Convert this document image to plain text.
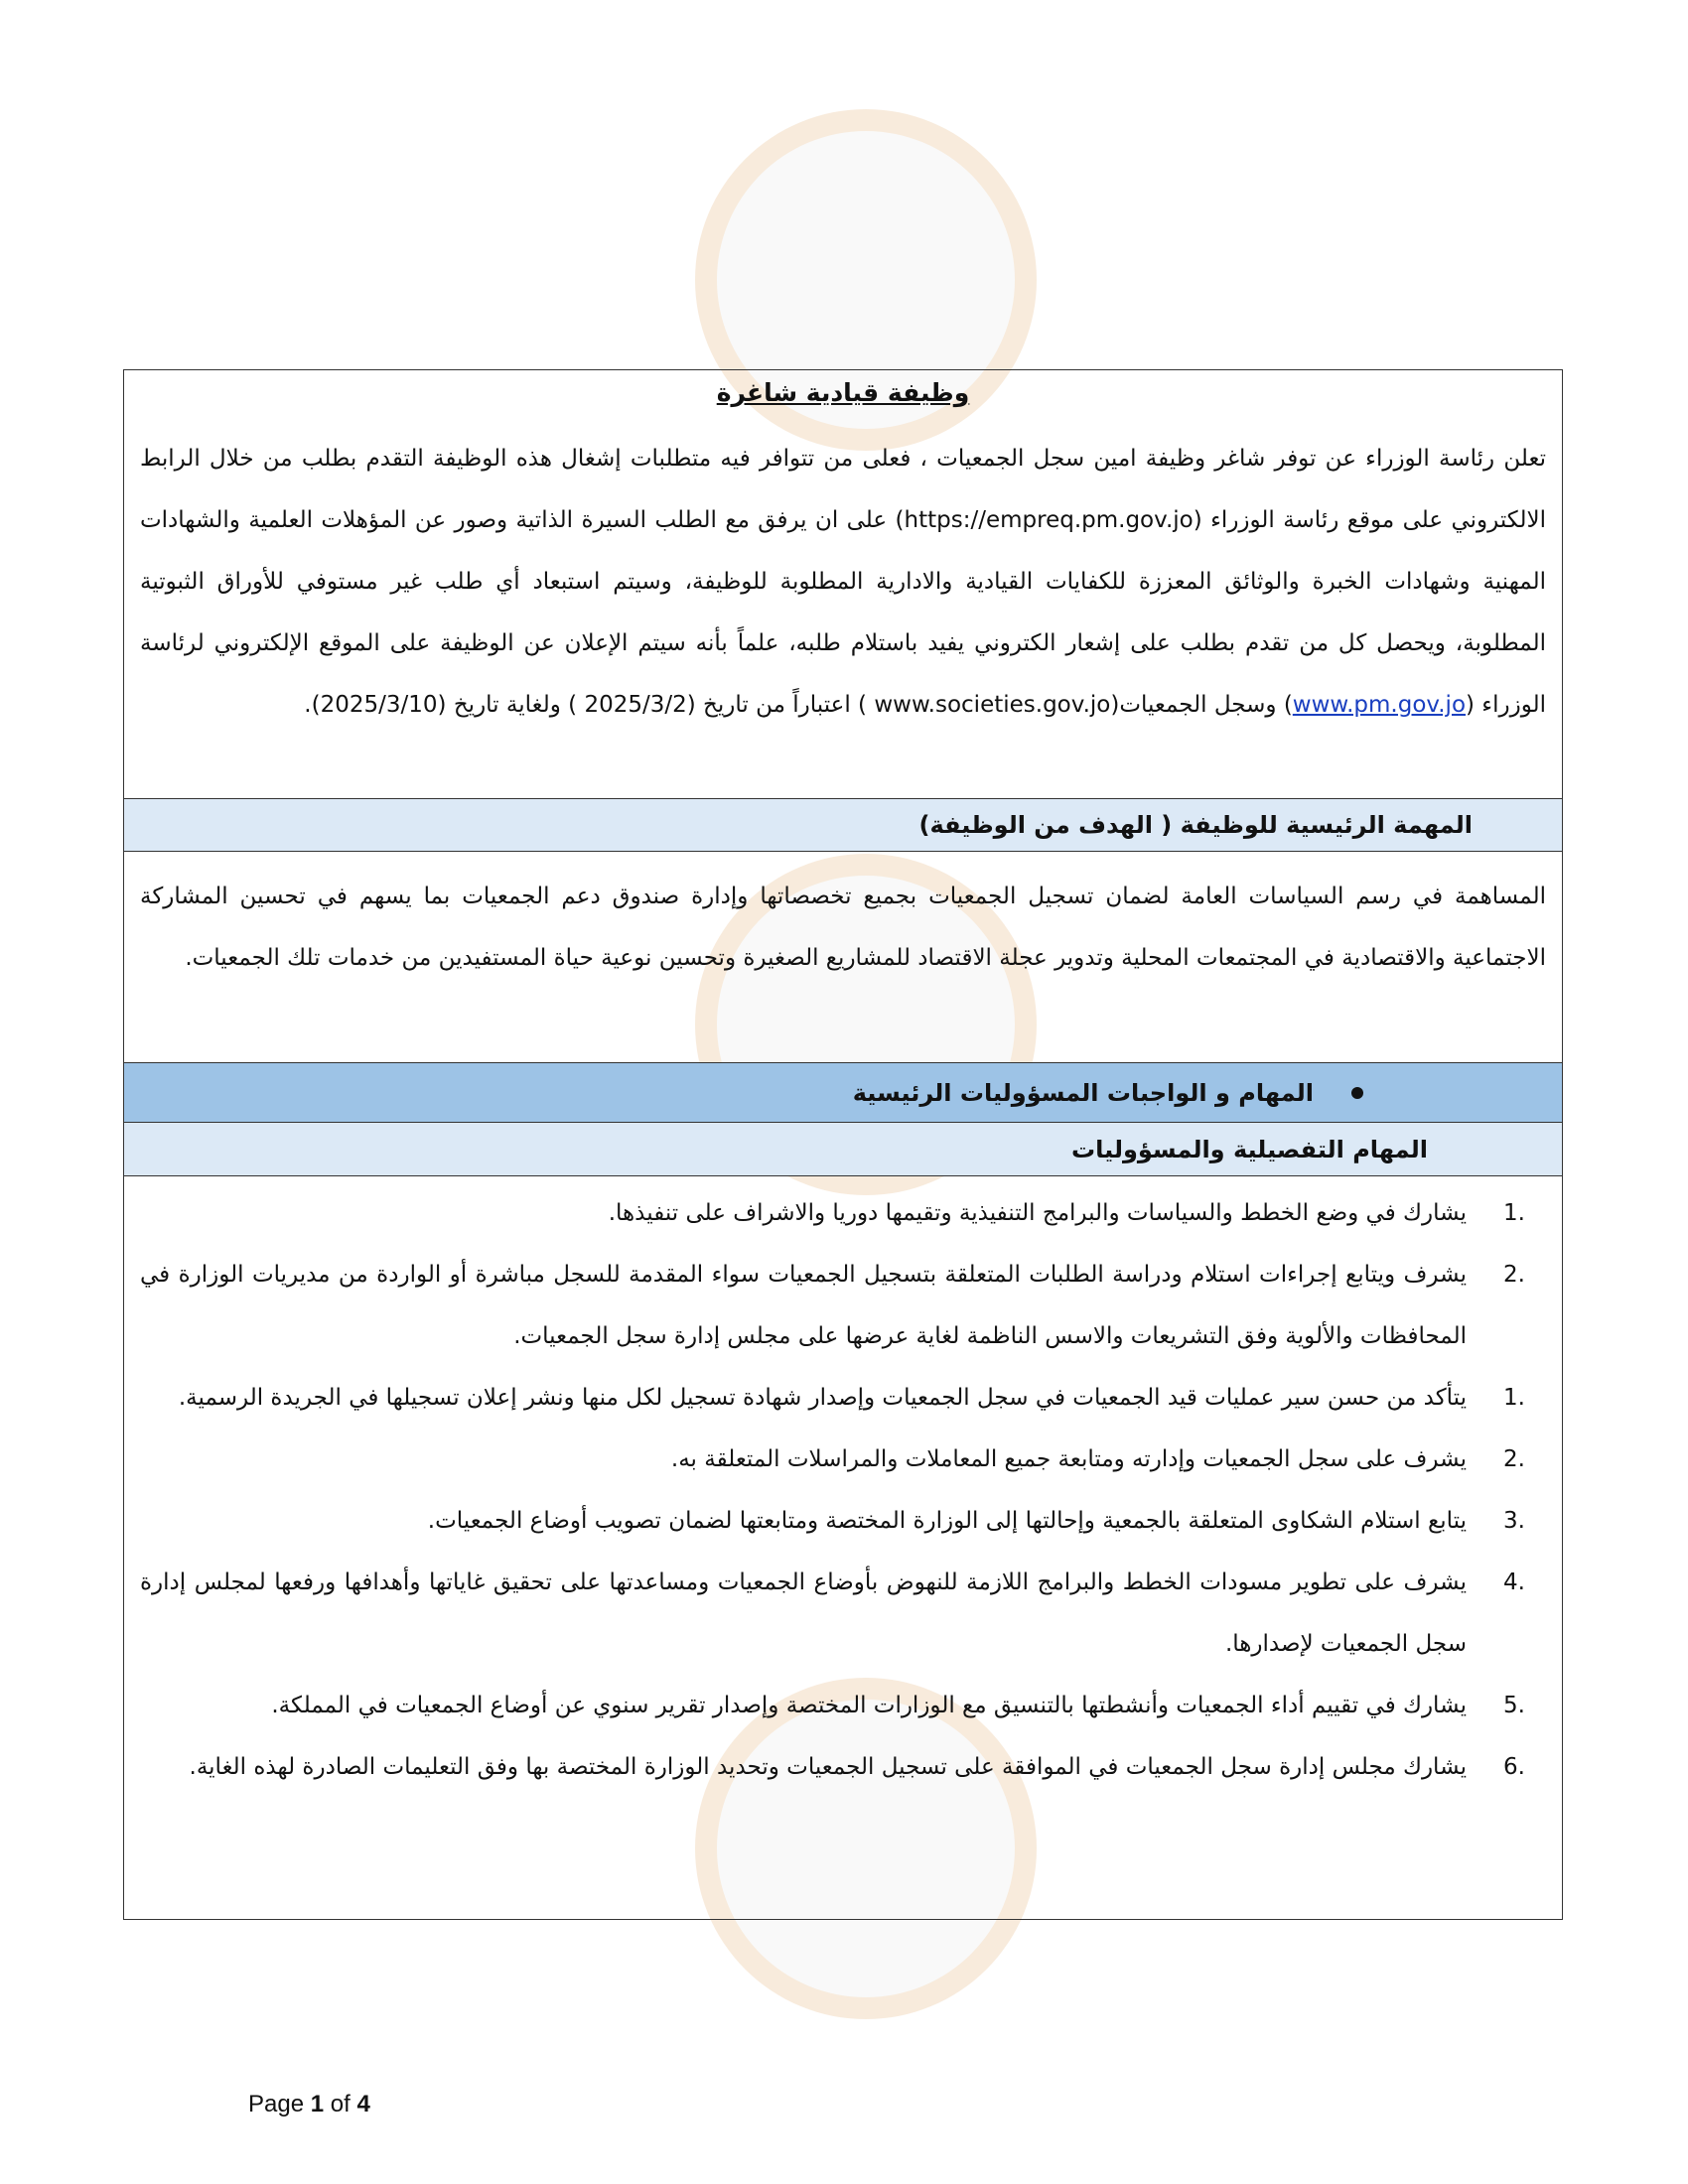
وظيفة قيادية شاغرة
تعلن رئاسة الوزراء عن توفر شاغر وظيفة امين سجل الجمعيات ، فعلى من تتوافر فيه متطلبات إشغال هذه الوظيفة التقدم بطلب من خلال الرابط الالكتروني على موقع رئاسة الوزراء (https://empreq.pm.gov.jo) على ان يرفق مع الطلب السيرة الذاتية وصور عن المؤهلات العلمية والشهادات المهنية وشهادات الخبرة والوثائق المعززة للكفايات القيادية والادارية المطلوبة للوظيفة، وسيتم استبعاد أي طلب غير مستوفي للأوراق الثبوتية المطلوبة، ويحصل كل من تقدم بطلب على إشعار الكتروني يفيد باستلام طلبه، علماً بأنه سيتم الإعلان عن الوظيفة على الموقع الإلكتروني لرئاسة الوزراء (www.pm.gov.jo) وسجل الجمعيات(www.societies.gov.jo ) اعتباراً من تاريخ (2025/3/2 ) ولغاية تاريخ (2025/3/10).
المهمة الرئيسية للوظيفة ( الهدف من الوظيفة)
المساهمة في رسم السياسات العامة لضمان تسجيل الجمعيات بجميع تخصصاتها وإدارة صندوق دعم الجمعيات بما يسهم في تحسين المشاركة الاجتماعية والاقتصادية في المجتمعات المحلية وتدوير عجلة الاقتصاد للمشاريع الصغيرة وتحسين نوعية حياة المستفيدين من خدمات تلك الجمعيات.
المهام و الواجبات المسؤوليات الرئيسية
المهام التفصيلية والمسؤوليات
1.
يشارك في وضع الخطط والسياسات والبرامج التنفيذية وتقيمها دوريا والاشراف على تنفيذها.
2.
يشرف ويتابع إجراءات استلام ودراسة الطلبات المتعلقة بتسجيل الجمعيات سواء المقدمة للسجل مباشرة أو الواردة من مديريات الوزارة في المحافظات والألوية وفق التشريعات والاسس الناظمة لغاية عرضها على مجلس إدارة سجل الجمعيات.
1.
يتأكد من حسن سير عمليات قيد الجمعيات في سجل الجمعيات وإصدار شهادة تسجيل لكل منها ونشر إعلان تسجيلها في الجريدة الرسمية.
2.
يشرف على سجل الجمعيات وإدارته ومتابعة جميع المعاملات والمراسلات المتعلقة به.
3.
يتابع استلام الشكاوى المتعلقة بالجمعية وإحالتها إلى الوزارة المختصة ومتابعتها لضمان تصويب أوضاع الجمعيات.
4.
يشرف على تطوير مسودات الخطط والبرامج اللازمة للنهوض بأوضاع الجمعيات ومساعدتها على تحقيق غاياتها وأهدافها ورفعها لمجلس إدارة سجل الجمعيات لإصدارها.
5.
يشارك في تقييم أداء الجمعيات وأنشطتها بالتنسيق مع الوزارات المختصة وإصدار تقرير سنوي عن أوضاع الجمعيات في المملكة.
6.
يشارك مجلس إدارة سجل الجمعيات في الموافقة على تسجيل الجمعيات وتحديد الوزارة المختصة بها وفق التعليمات الصادرة لهذه الغاية.
Page 1 of 4
